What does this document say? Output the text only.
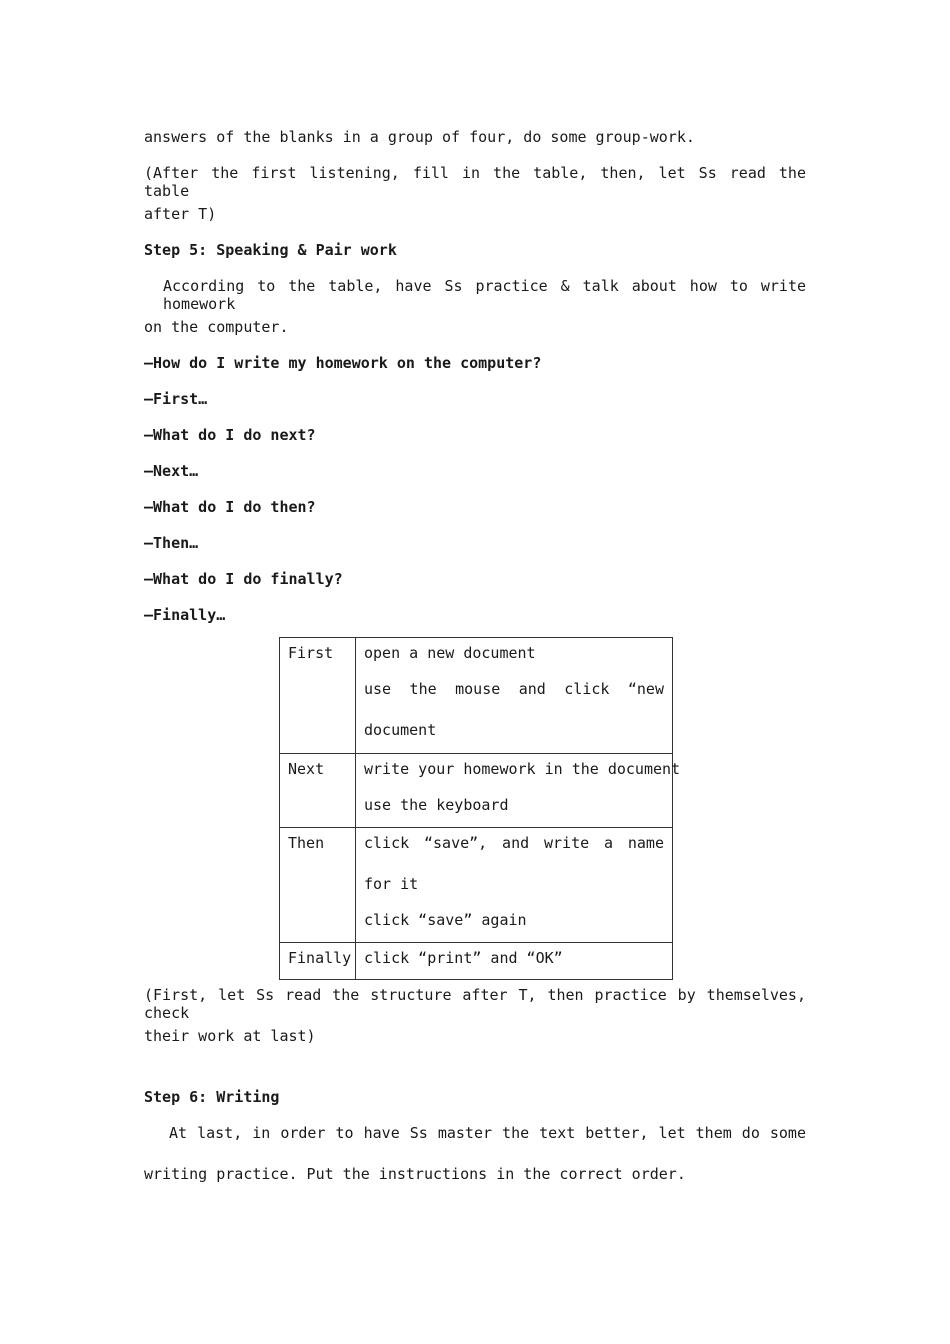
answers of the blanks in a group of four, do some group-work.
(After the first listening, fill in the table, then, let Ss read the table
after T)
Step 5: Speaking & Pair work
According to the table, have Ss practice & talk about how to write homework
on the computer.
—How do I write my homework on the computer?
—First…
—What do I do next?
—Next…
—What do I do then?
—Then…
—What do I do finally?
—Finally…
(First, let Ss read the structure after T, then practice by themselves, check
their work at last)
Step 6: Writing
At last, in order to have Ss master the text better, let them do some
writing practice. Put the instructions in the correct order.
First	open a new document
use the mouse and click “new
document

Next	write your homework in the document
use the keyboard

Then	click “save”, and write a name
for it
click “save” again

Finally	click “print” and “OK”
